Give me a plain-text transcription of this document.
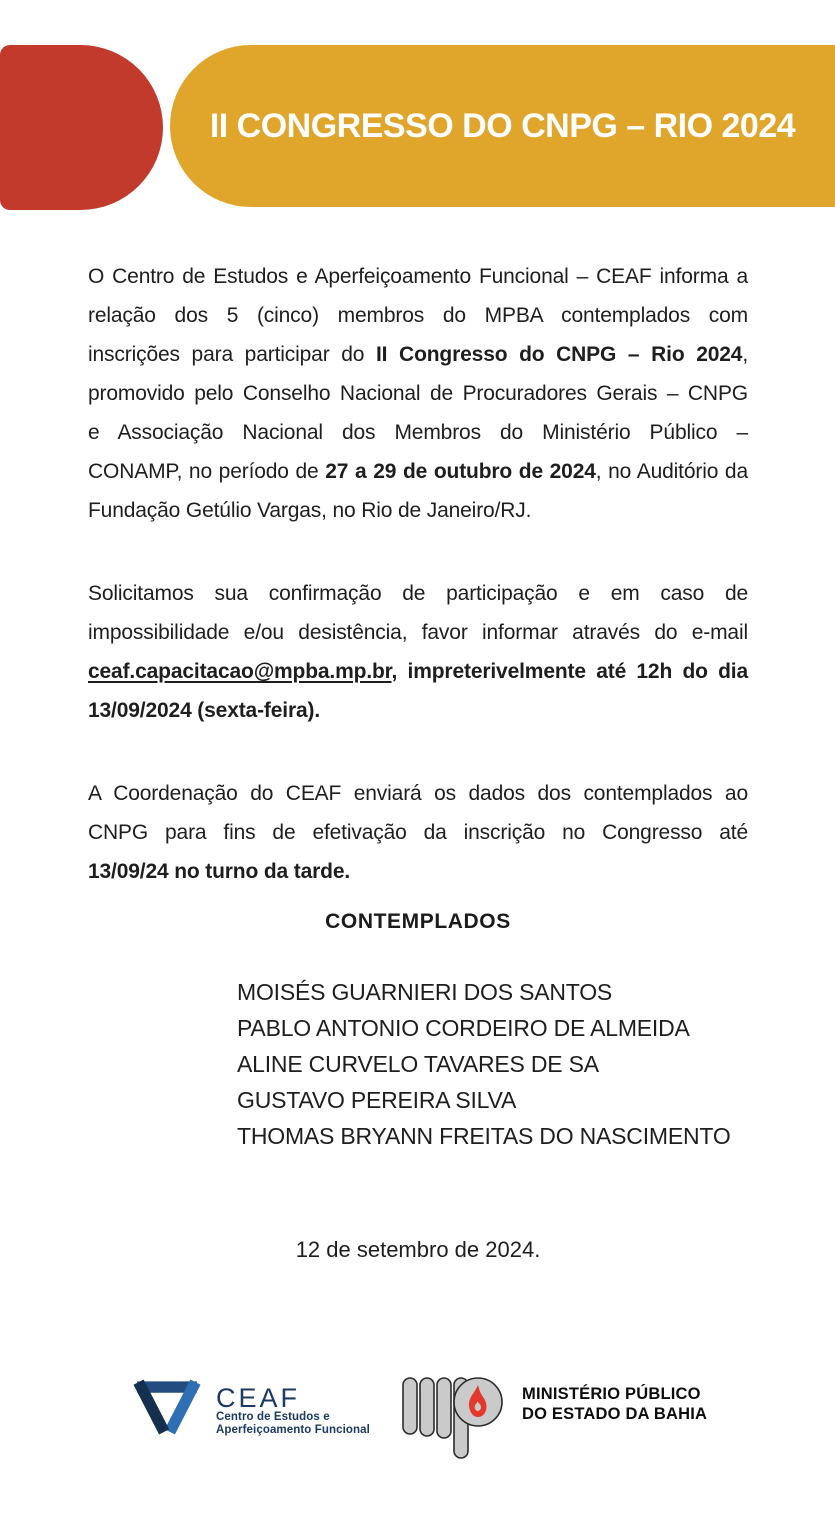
II CONGRESSO DO CNPG – RIO 2024
O Centro de Estudos e Aperfeiçoamento Funcional – CEAF informa a
relação dos 5 (cinco) membros do MPBA contemplados com
inscrições para participar do II Congresso do CNPG – Rio 2024,
promovido pelo Conselho Nacional de Procuradores Gerais – CNPG
e Associação Nacional dos Membros do Ministério Público –
CONAMP, no período de 27 a 29 de outubro de 2024, no Auditório da
Fundação Getúlio Vargas, no Rio de Janeiro/RJ.
Solicitamos sua confirmação de participação e em caso de
impossibilidade e/ou desistência, favor informar através do e-mail
ceaf.capacitacao@mpba.mp.br, impreterivelmente até 12h do dia
13/09/2024 (sexta-feira).
A Coordenação do CEAF enviará os dados dos contemplados ao
CNPG para fins de efetivação da inscrição no Congresso até
13/09/24 no turno da tarde.
CONTEMPLADOS
MOISÉS GUARNIERI DOS SANTOS
PABLO ANTONIO CORDEIRO DE ALMEIDA
ALINE CURVELO TAVARES DE SA
GUSTAVO PEREIRA SILVA
THOMAS BRYANN FREITAS DO NASCIMENTO
12 de setembro de 2024.
CEAF
Centro de Estudos e
Aperfeiçoamento Funcional
MINISTÉRIO PÚBLICO
DO ESTADO DA BAHIA
